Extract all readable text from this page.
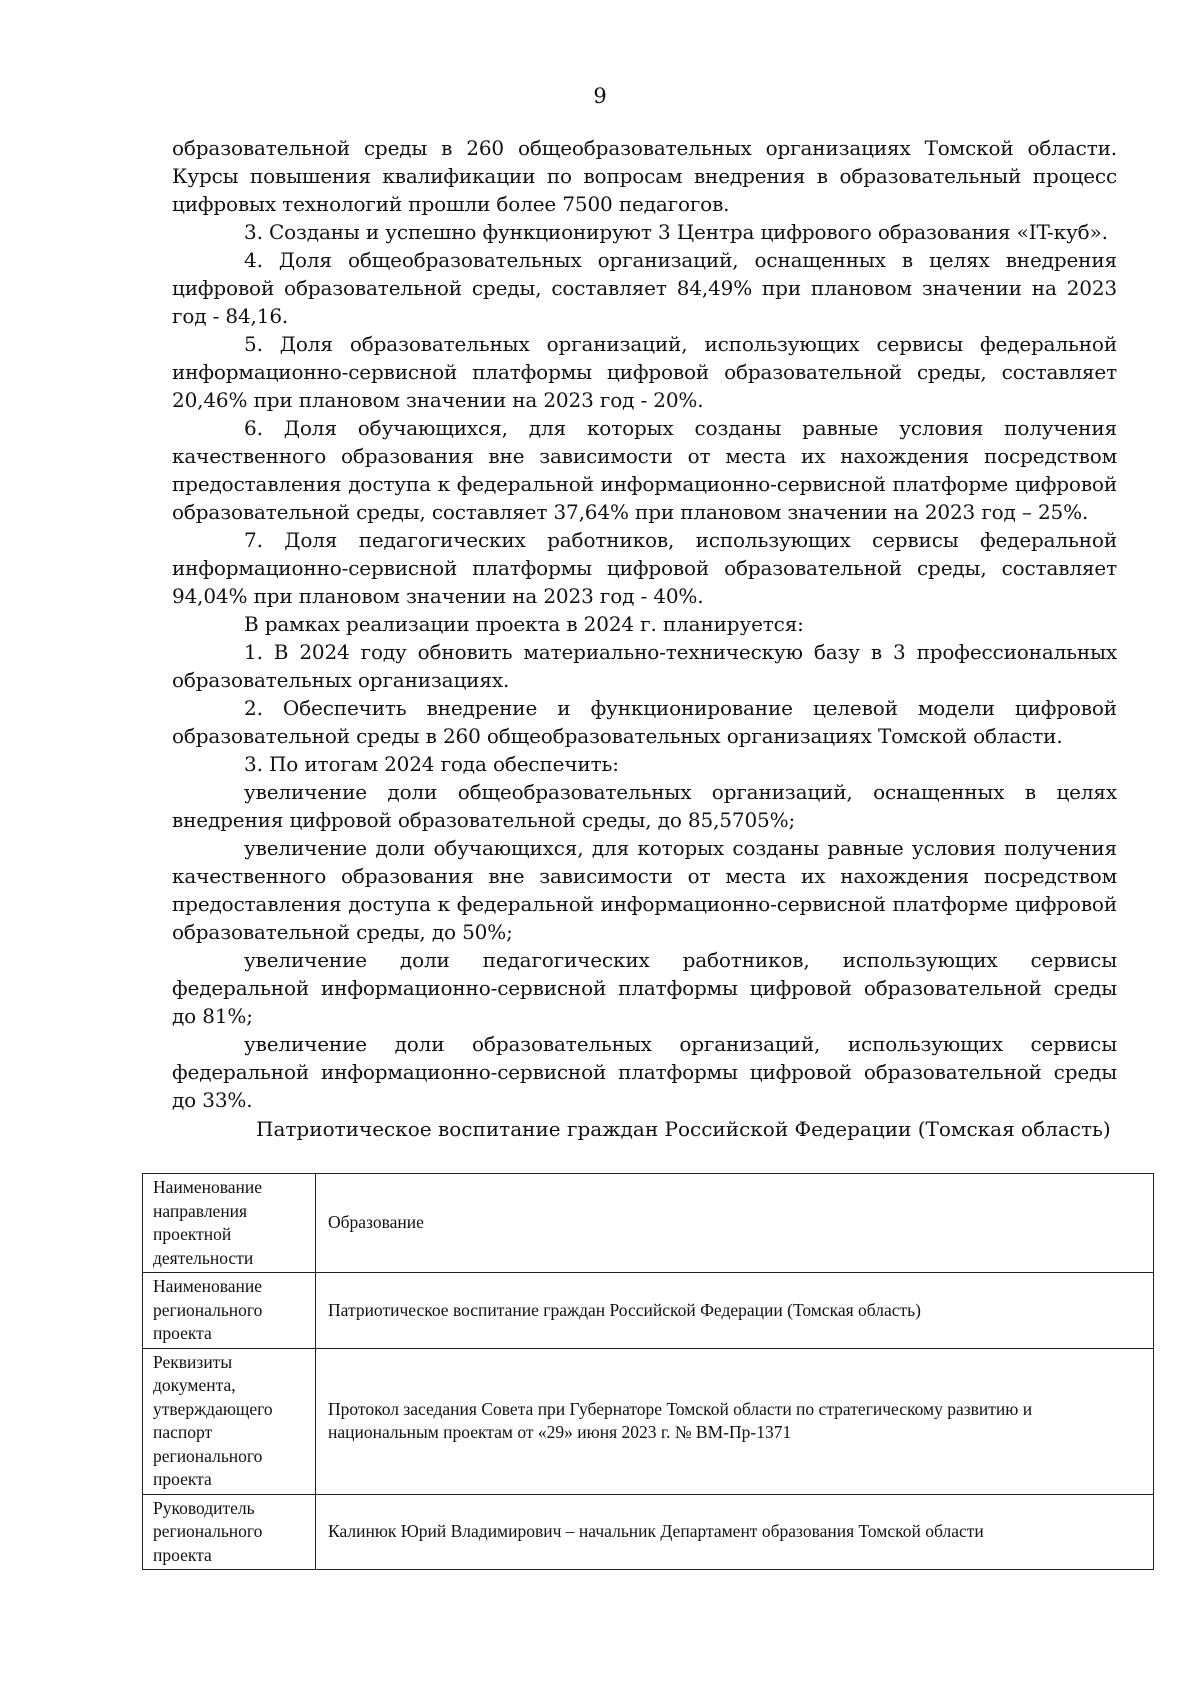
9

образовательной среды в 260 общеобразовательных организациях Томской области. Курсы повышения квалификации по вопросам внедрения в образовательный процесс цифровых технологий прошли более 7500 педагогов.

3. Созданы и успешно функционируют 3 Центра цифрового образования «IT-куб».

4. Доля общеобразовательных организаций, оснащенных в целях внедрения цифровой образовательной среды, составляет 84,49% при плановом значении на 2023 год - 84,16.

5. Доля образовательных организаций, использующих сервисы федеральной информационно-сервисной платформы цифровой образовательной среды, составляет 20,46% при плановом значении на 2023 год - 20%.

6. Доля обучающихся, для которых созданы равные условия получения качественного образования вне зависимости от места их нахождения посредством предоставления доступа к федеральной информационно-сервисной платформе цифровой образовательной среды, составляет 37,64% при плановом значении на 2023 год – 25%.

7. Доля педагогических работников, использующих сервисы федеральной информационно-сервисной платформы цифровой образовательной среды, составляет 94,04% при плановом значении на 2023 год - 40%.

В рамках реализации проекта в 2024 г. планируется:

1. В 2024 году обновить материально-техническую базу в 3 профессиональных образовательных организациях.

2. Обеспечить внедрение и функционирование целевой модели цифровой образовательной среды в 260 общеобразовательных организациях Томской области.

3. По итогам 2024 года обеспечить:

увеличение доли общеобразовательных организаций, оснащенных в целях внедрения цифровой образовательной среды, до 85,5705%;

увеличение доли обучающихся, для которых созданы равные условия получения качественного образования вне зависимости от места их нахождения посредством предоставления доступа к федеральной информационно-сервисной платформе цифровой образовательной среды, до 50%;

увеличение доли педагогических работников, использующих сервисы федеральной информационно-сервисной платформы цифровой образовательной среды до 81%;

увеличение доли образовательных организаций, использующих сервисы федеральной информационно-сервисной платформы цифровой образовательной среды до 33%.

Патриотическое воспитание граждан Российской Федерации (Томская область)
Наименование направления проектной деятельности	Образование
Наименование регионального проекта	Патриотическое воспитание граждан Российской Федерации (Томская область)
Реквизиты документа, утверждающего паспорт регионального проекта	Протокол заседания Совета при Губернаторе Томской области по стратегическому развитию и национальным проектам от «29» июня 2023 г. № ВМ-Пр-1371
Руководитель регионального проекта	Калинюк Юрий Владимирович – начальник Департамент образования Томской области
